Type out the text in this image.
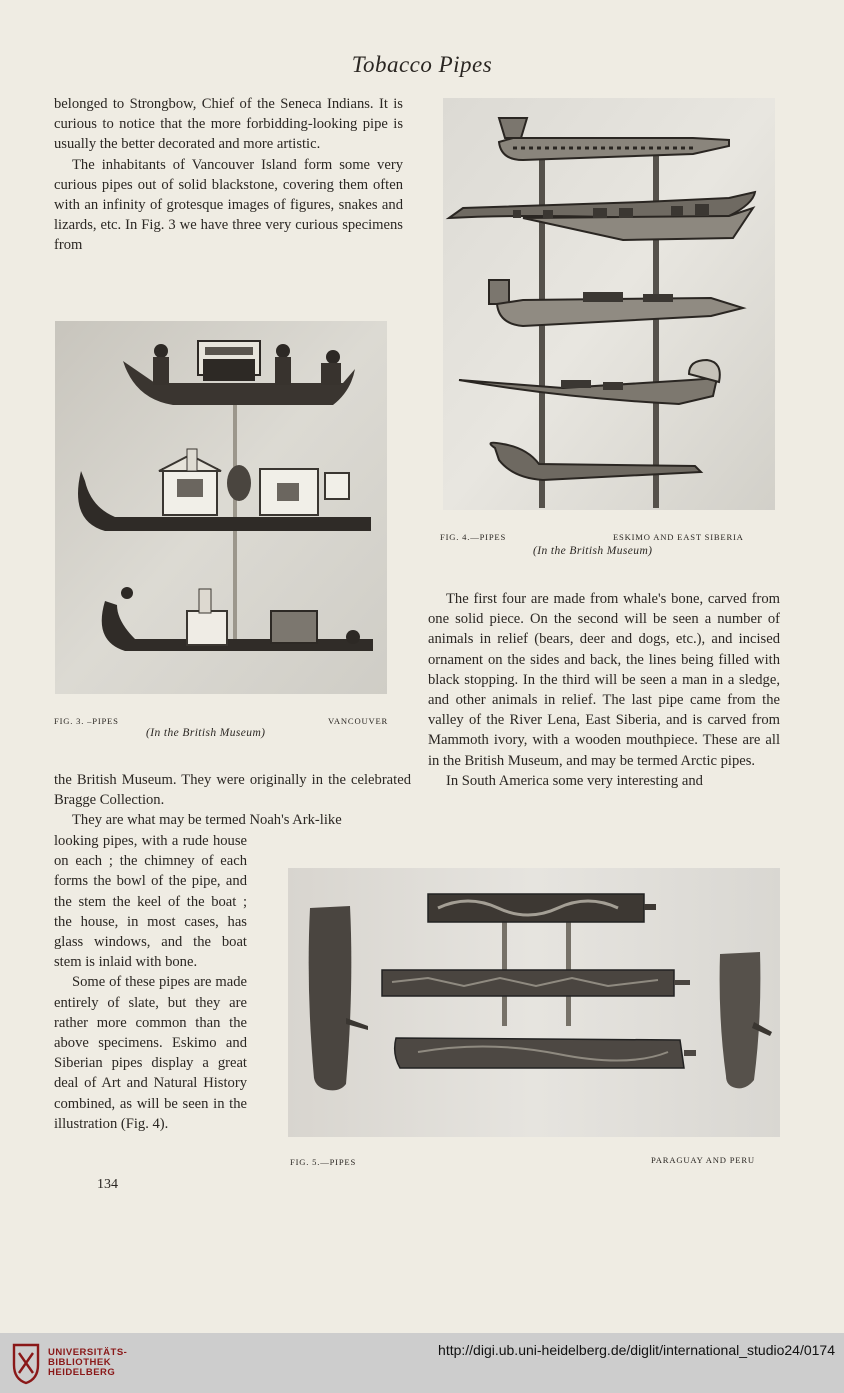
Tobacco Pipes

belonged to Strongbow, Chief of the Seneca Indians. It is curious to notice that the more forbidding-looking pipe is usually the better decorated and more artistic.

The inhabitants of Vancouver Island form some very curious pipes out of solid blackstone, covering them often with an infinity of grotesque images of figures, snakes and lizards, etc. In Fig. 3 we have three very curious specimens from

FIG. 3. –PIPES	VANCOUVER
(In the British Museum)

the British Museum. They were originally in the celebrated Bragge Collection.

They are what may be termed Noah's Ark-like

looking pipes, with a rude house on each ; the chimney of each forms the bowl of the pipe, and the stem the keel of the boat ; the house, in most cases, has glass windows, and the boat stem is inlaid with bone.

Some of these pipes are made entirely of slate, but they are rather more common than the above specimens. Eskimo and Siberian pipes display a great deal of Art and Natural History combined, as will be seen in the illustration (Fig. 4).

FIG. 4.—PIPES	ESKIMO AND EAST SIBERIA
(In the British Museum)

The first four are made from whale's bone, carved from one solid piece. On the second will be seen a number of animals in relief (bears, deer and dogs, etc.), and incised ornament on the sides and back, the lines being filled with black stopping. In the third will be seen a man in a sledge, and other animals in relief. The last pipe came from the valley of the River Lena, East Siberia, and is carved from Mammoth ivory, with a wooden mouthpiece. These are all in the British Museum, and may be termed Arctic pipes.

In South America some very interesting and

FIG. 5.—PIPES	PARAGUAY AND PERU
134
UNIVERSITÄTS-
BIBLIOTHEK
HEIDELBERG
http://digi.ub.uni-heidelberg.de/diglit/international_studio24/0174
